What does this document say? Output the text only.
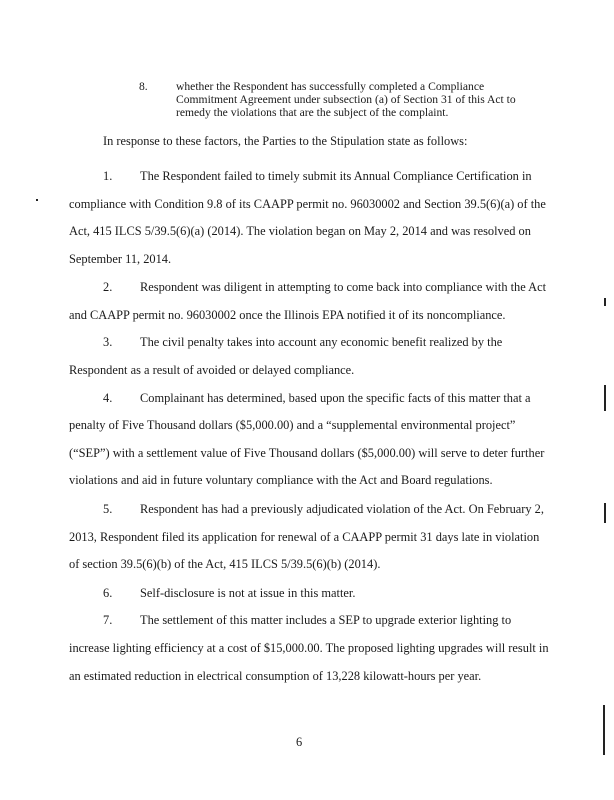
8. whether the Respondent has successfully completed a Compliance
Commitment Agreement under subsection (a) of Section 31 of this Act to
remedy the violations that are the subject of the complaint.
In response to these factors, the Parties to the Stipulation state as follows:
1. The Respondent failed to timely submit its Annual Compliance Certification in
compliance with Condition 9.8 of its CAAPP permit no. 96030002 and Section 39.5(6)(a) of the
Act, 415 ILCS 5/39.5(6)(a) (2014). The violation began on May 2, 2014 and was resolved on
September 11, 2014.
2. Respondent was diligent in attempting to come back into compliance with the Act
and CAAPP permit no. 96030002 once the Illinois EPA notified it of its noncompliance.
3. The civil penalty takes into account any economic benefit realized by the
Respondent as a result of avoided or delayed compliance.
4. Complainant has determined, based upon the specific facts of this matter that a
penalty of Five Thousand dollars ($5,000.00) and a “supplemental environmental project”
(“SEP”) with a settlement value of Five Thousand dollars ($5,000.00) will serve to deter further
violations and aid in future voluntary compliance with the Act and Board regulations.
5. Respondent has had a previously adjudicated violation of the Act. On February 2,
2013, Respondent filed its application for renewal of a CAAPP permit 31 days late in violation
of section 39.5(6)(b) of the Act, 415 ILCS 5/39.5(6)(b) (2014).
6. Self-disclosure is not at issue in this matter.
7. The settlement of this matter includes a SEP to upgrade exterior lighting to
increase lighting efficiency at a cost of $15,000.00. The proposed lighting upgrades will result in
an estimated reduction in electrical consumption of 13,228 kilowatt-hours per year.
6
